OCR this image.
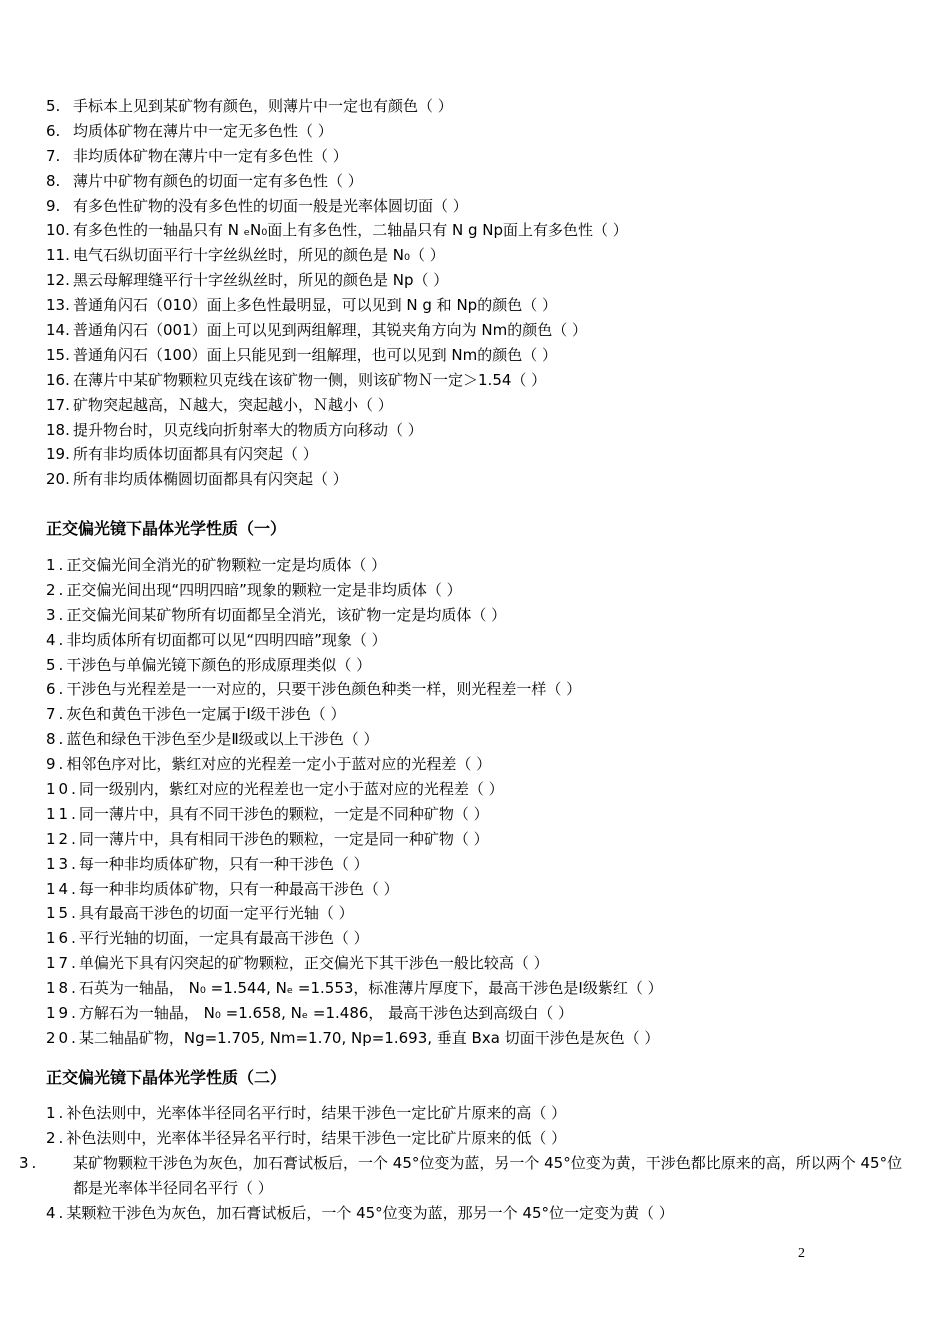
5. 手标本上见到某矿物有颜色，则薄片中一定也有颜色（ ）
6. 均质体矿物在薄片中一定无多色性（ ）
7. 非均质体矿物在薄片中一定有多色性（ ）
8. 薄片中矿物有颜色的切面一定有多色性（ ）
9. 有多色性矿物的没有多色性的切面一般是光率体圆切面（ ）
10. 有多色性的一轴晶只有 N ₑN₀面上有多色性，二轴晶只有 N g Np面上有多色性（ ）
11. 电气石纵切面平行十字丝纵丝时，所见的颜色是 N₀（ ）
12. 黑云母解理缝平行十字丝纵丝时，所见的颜色是 Np（ ）
13. 普通角闪石（010）面上多色性最明显，可以见到 N g 和 Np的颜色（ ）
14. 普通角闪石（001）面上可以见到两组解理，其锐夹角方向为 Nm的颜色（ ）
15. 普通角闪石（100）面上只能见到一组解理，也可以见到 Nm的颜色（ ）
16. 在薄片中某矿物颗粒贝克线在该矿物一侧，则该矿物Ｎ一定＞1.54（ ）
17. 矿物突起越高，Ｎ越大，突起越小，Ｎ越小（ ）
18. 提升物台时，贝克线向折射率大的物质方向移动（ ）
19. 所有非均质体切面都具有闪突起（ ）
20. 所有非均质体椭圆切面都具有闪突起（ ）
正交偏光镜下晶体光学性质（一）
1.正交偏光间全消光的矿物颗粒一定是均质体（ ）
2.正交偏光间出现“四明四暗”现象的颗粒一定是非均质体（ ）
3.正交偏光间某矿物所有切面都呈全消光，该矿物一定是均质体（ ）
4.非均质体所有切面都可以见“四明四暗”现象（ ）
5.干涉色与单偏光镜下颜色的形成原理类似（ ）
6.干涉色与光程差是一一对应的，只要干涉色颜色种类一样，则光程差一样（ ）
7.灰色和黄色干涉色一定属于Ⅰ级干涉色（ ）
8.蓝色和绿色干涉色至少是Ⅱ级或以上干涉色（ ）
9.相邻色序对比，紫红对应的光程差一定小于蓝对应的光程差（ ）
10.同一级别内，紫红对应的光程差也一定小于蓝对应的光程差（ ）
11.同一薄片中，具有不同干涉色的颗粒，一定是不同种矿物（ ）
12.同一薄片中，具有相同干涉色的颗粒，一定是同一种矿物（ ）
13.每一种非均质体矿物，只有一种干涉色（ ）
14.每一种非均质体矿物，只有一种最高干涉色（ ）
15.具有最高干涉色的切面一定平行光轴（ ）
16.平行光轴的切面，一定具有最高干涉色（ ）
17.单偏光下具有闪突起的矿物颗粒，正交偏光下其干涉色一般比较高（ ）
18.石英为一轴晶， N₀ =1.544, Nₑ =1.553，标准薄片厚度下，最高干涉色是Ⅰ级紫红（ ）
19.方解石为一轴晶， N₀ =1.658, Nₑ =1.486， 最高干涉色达到高级白（ ）
20.某二轴晶矿物，Ng=1.705, Nm=1.70, Np=1.693, 垂直 Bxa 切面干涉色是灰色（ ）
正交偏光镜下晶体光学性质（二）
1.补色法则中，光率体半径同名平行时，结果干涉色一定比矿片原来的高（ ）
2.补色法则中，光率体半径异名平行时，结果干涉色一定比矿片原来的低（ ）
3. 某矿物颗粒干涉色为灰色，加石膏试板后，一个 45°位变为蓝，另一个 45°位变为黄，干涉色都比原来的高，所以两个 45°位都是光率体半径同名平行（ ）
4.某颗粒干涉色为灰色，加石膏试板后，一个 45°位变为蓝，那另一个 45°位一定变为黄（ ）
2
